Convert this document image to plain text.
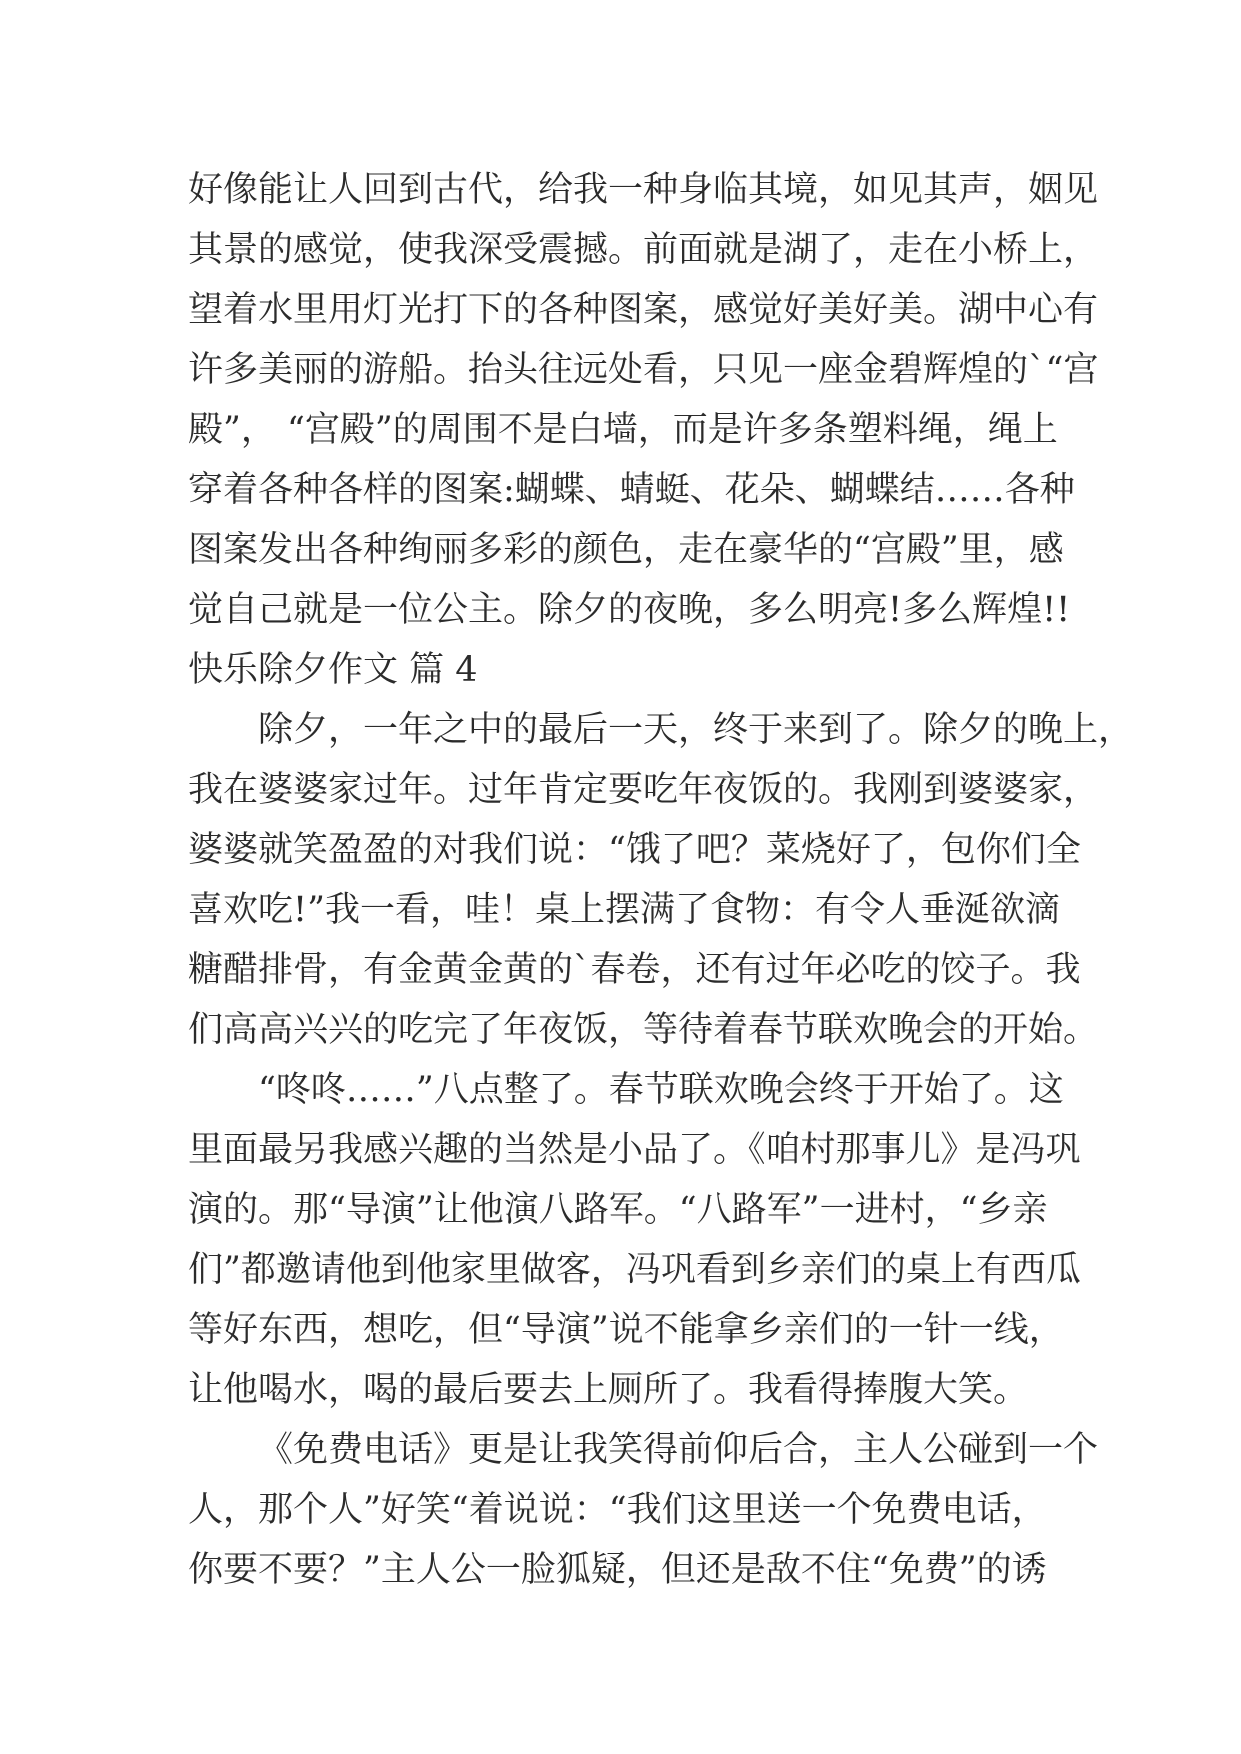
好像能让人回到古代，给我一种身临其境，如见其声，姻见
其景的感觉，使我深受震撼。前面就是湖了，走在小桥上，
望着水里用灯光打下的各种图案，感觉好美好美。湖中心有
许多美丽的游船。抬头往远处看，只见一座金碧辉煌的`“宫
殿”， “宫殿”的周围不是白墙，而是许多条塑料绳，绳上
穿着各种各样的图案:蝴蝶、蜻蜓、花朵、蝴蝶结……各种
图案发出各种绚丽多彩的颜色，走在豪华的“宫殿”里，感
觉自己就是一位公主。除夕的夜晚，多么明亮!多么辉煌!!
快乐除夕作文 篇 4
除夕，一年之中的最后一天，终于来到了。除夕的晚上，
我在婆婆家过年。过年肯定要吃年夜饭的。我刚到婆婆家，
婆婆就笑盈盈的对我们说：“饿了吧？菜烧好了，包你们全
喜欢吃!”我一看，哇！桌上摆满了食物：有令人垂涎欲滴
糖醋排骨，有金黄金黄的`春卷，还有过年必吃的饺子。我
们高高兴兴的吃完了年夜饭，等待着春节联欢晚会的开始。
“咚咚……”八点整了。春节联欢晚会终于开始了。这
里面最另我感兴趣的当然是小品了。《咱村那事儿》是冯巩
演的。那“导演”让他演八路军。“八路军”一进村，“乡亲
们”都邀请他到他家里做客，冯巩看到乡亲们的桌上有西瓜
等好东西，想吃，但“导演”说不能拿乡亲们的一针一线，
让他喝水，喝的最后要去上厕所了。我看得捧腹大笑。
《免费电话》更是让我笑得前仰后合，主人公碰到一个
人，那个人”好笑“着说说：“我们这里送一个免费电话，
你要不要？”主人公一脸狐疑，但还是敌不住“免费”的诱
